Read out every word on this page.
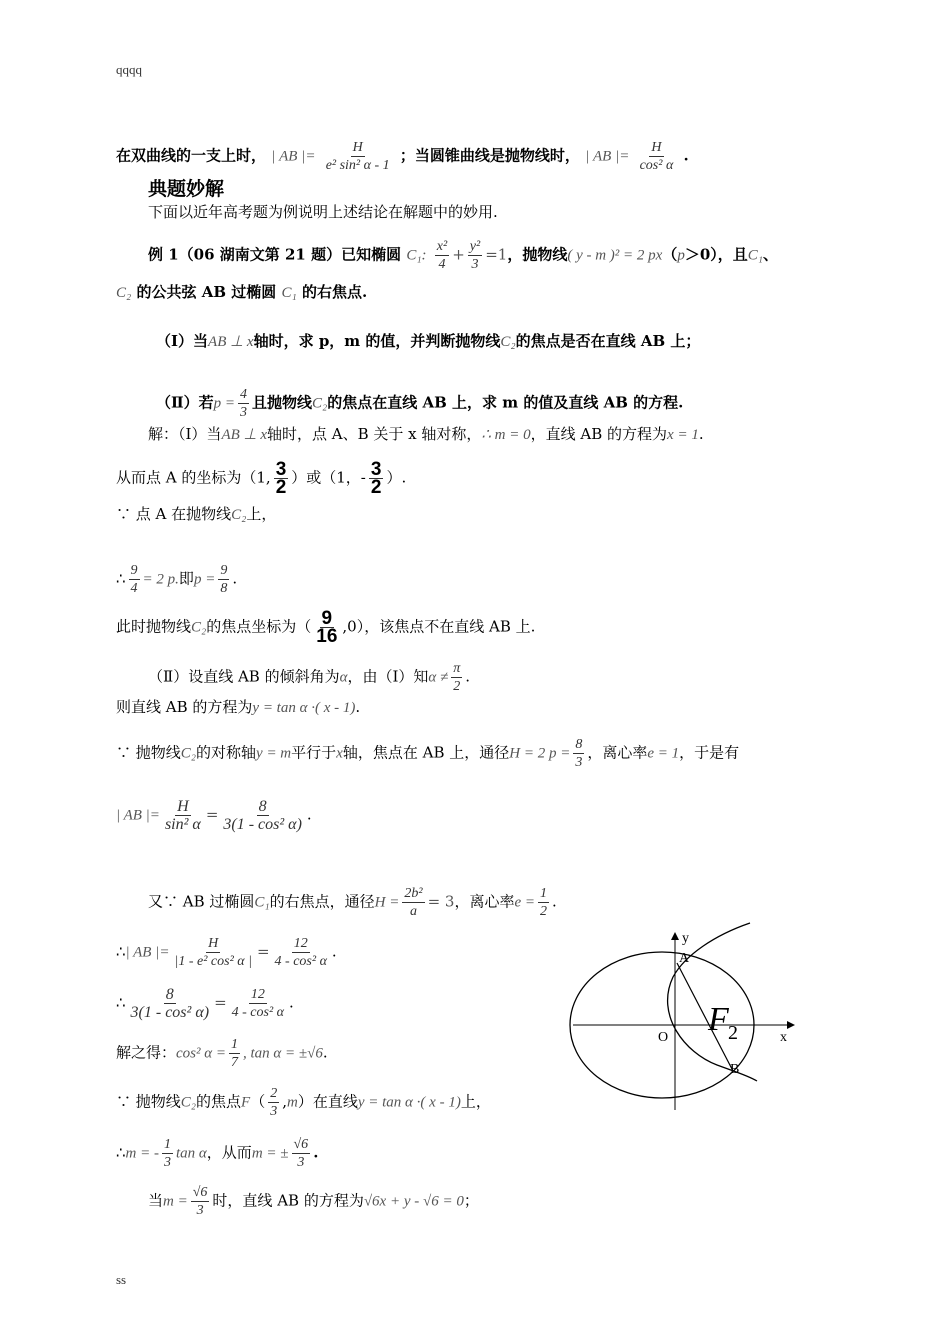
qqqq
在双曲线的一支上时， | AB |= $\frac{H}{\text{e² sin² α - 1}}$ ；当圆锥曲线是抛物线时， | AB |= $\frac{H}{\text{cos² α}}$ .
典题妙解
下面以近年高考题为例说明上述结论在解题中的妙用.
例 1（06 湖南文第 21 题）已知椭圆 C₁: $\frac{\text{x²}}{4} + \frac{\text{y²}}{3} =1$，抛物线( y - m )² = 2 px（p＞0），且C₁、
C₂ 的公共弦 AB 过椭圆 C₁ 的右焦点.
（Ⅰ）当AB ⊥ x轴时，求 p，m 的值，并判断抛物线C₂的焦点是否在直线 AB 上；
（Ⅱ）若$p = \frac{4}{3}$ 且抛物线C₂的焦点在直线 AB 上，求 m 的值及直线 AB 的方程.
解：（Ⅰ）当AB ⊥ x轴时，点 A、B 关于 x 轴对称，∴ m = 0，直线 AB 的方程为x = 1.
从而点 A 的坐标为（1, $\frac{3}{2}$ ）或（1，- $\frac{3}{2}$ ）.
∵ 点 A 在抛物线C₂上，
∴ $\frac{9}{4} = 2$ p.即$p = \frac{9}{8}$ .
此时抛物线C₂的焦点坐标为（ $\frac{9}{16} ,0$），该焦点不在直线 AB 上.
（Ⅱ）设直线 AB 的倾斜角为α，由（Ⅰ）知$\alpha \ne \frac{\pi}{2}$ .
则直线 AB 的方程为y = tan α ·( x - 1).
∵ 抛物线C₂的对称轴y = m平行于x轴，焦点在 AB 上，通径H = 2 $p = \frac{8}{3}$ ，离心率e = 1，于是有
| AB |= $\frac{H}{\text{sin² α}} = \frac{8}{\text{3(1 - cos² α)}}$ .
又∵ AB 过椭圆C₁的右焦点，通径$H = \frac{\text{2b²}}{a} = 3$，离心率$e = \frac{1}{2}$ .
∴| AB |= $\frac{H}{\text{|1 - e² cos² α |}} = \frac{12}{\text{4 - cos² α}}$ .
∴ $\frac{8}{\text{3(1 - cos² α)}} = \frac{12}{\text{4 - cos² α}}$ .
解之得：cos² $\alpha = \frac{1}{7}$ , tan α = ±√6.
∵ 抛物线C₂的焦点$F( \frac{2}{3} ,m)$在直线y = tan α ·( x - 1)上，
∴m = - $\frac{1}{3}$ tan α，从而m = ± $\frac{√6}{3}$ .
当$m = \frac{√6}{3}$ 时，直线 AB 的方程为√6x + y - √6 = 0；
y
x
O
A
B
F 2
ss
